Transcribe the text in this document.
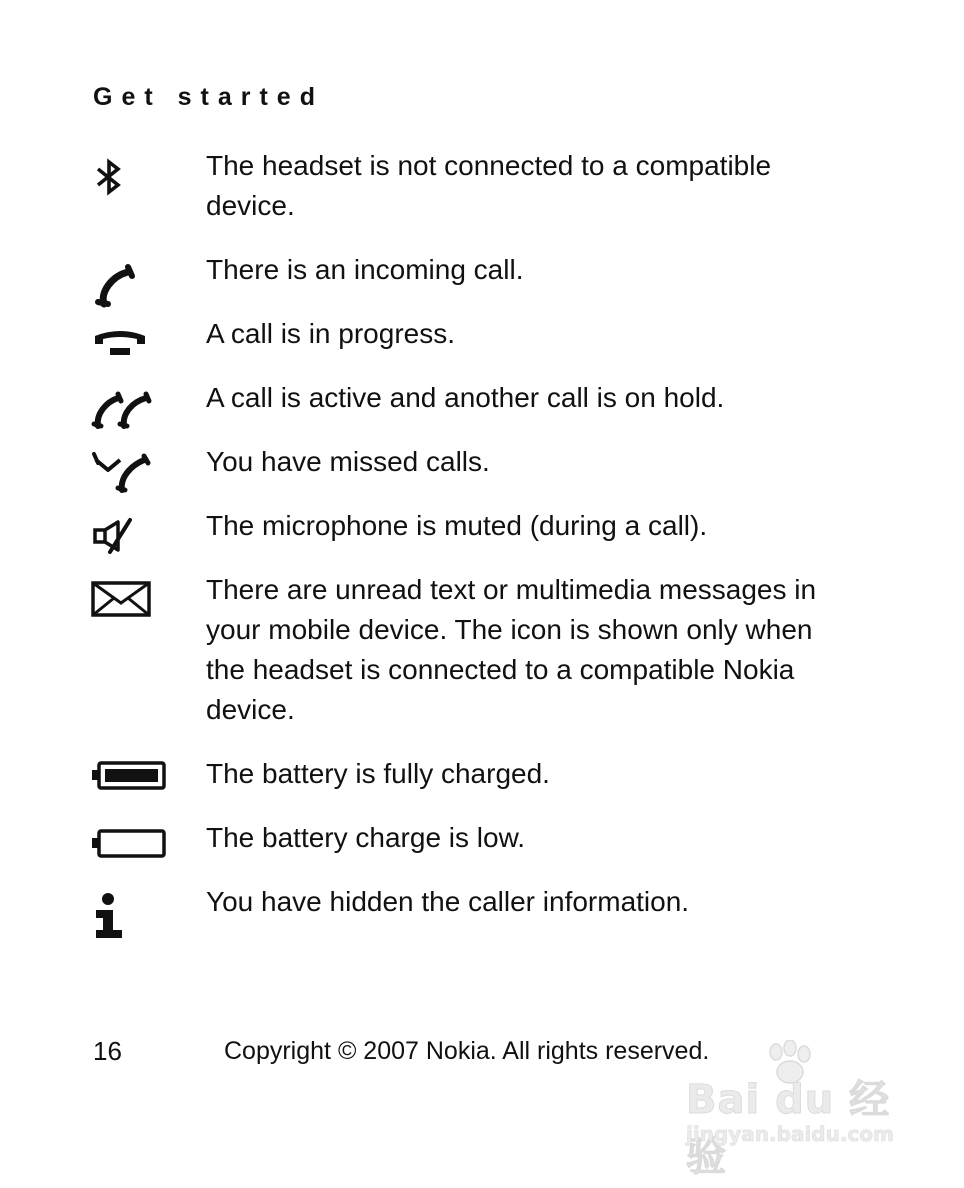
Get started

The headset is not connected to a compatible device.

There is an incoming call.

A call is in progress.

A call is active and another call is on hold.

You have missed calls.

The microphone is muted (during a call).

There are unread text or multimedia messages in your mobile device. The icon is shown only when the headset is connected to a compatible Nokia device.

The battery is fully charged.

The battery charge is low.

You have hidden the caller information.

16	Copyright © 2007 Nokia. All rights reserved.
Bai du 经验
jingyan.baidu.com
